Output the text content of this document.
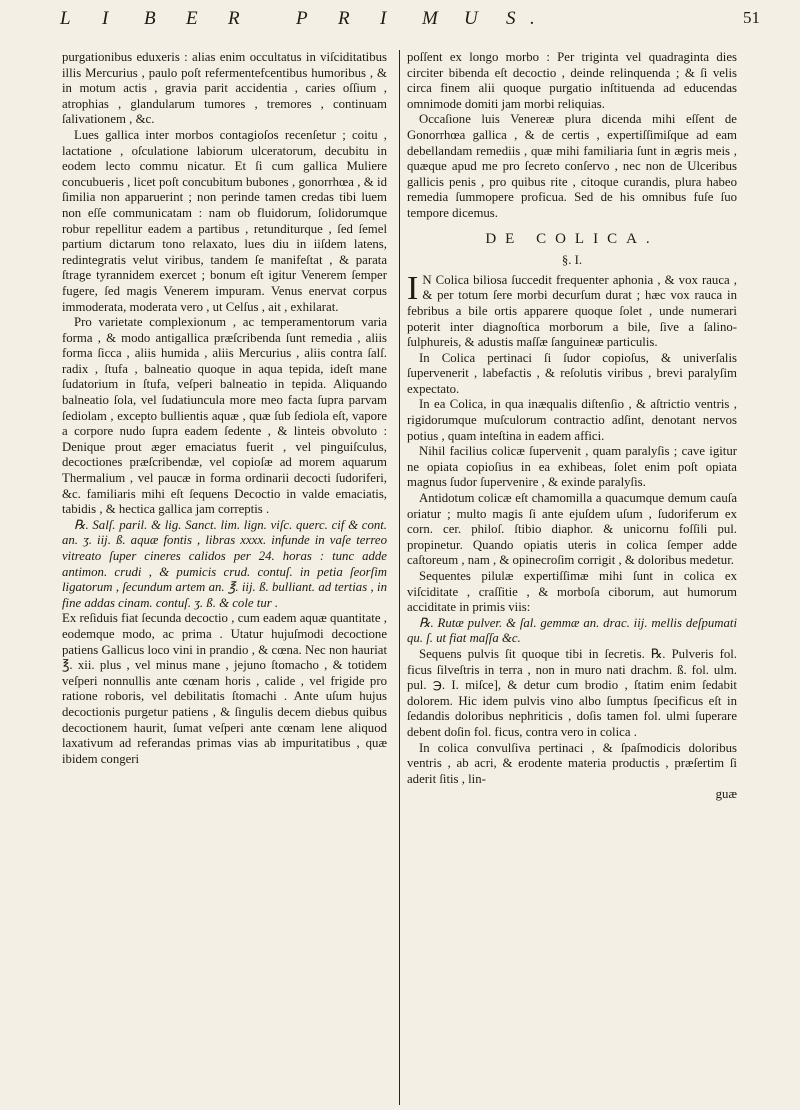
L I B E R	P R I M U S .	51

purgationibus eduxeris : alias enim occultatus in viſciditatibus illis Mercurius , paulo poſt refermentefcentibus humoribus , & in motum actis , gravia parit accidentia , caries oſſium , atrophias , glandularum tumores , tremores , continuam ſalivationem , &c.

Lues gallica inter morbos contagioſos recenſetur ; coitu , lactatione , oſculatione labiorum ulceratorum, decubitu in eodem lecto commu nicatur. Et ſi cum gallica Muliere concubueris , licet poſt concubitum bubones , gonorrhœa , & id ſimilia non apparuerint ; non perinde tamen credas tibi luem non eſſe communicatam : nam ob fluidorum, ſolidorumque robur repellitur eadem a partibus , retunditurque , ſed ſemel partium dictarum tono relaxato, lues diu in iiſdem latens, redintegratis velut viribus, tandem ſe manifeſtat , & parata ſtrage tyrannidem exercet ; bonum eſt igitur Venerem ſemper fugere, ſed magis Venerem impuram. Venus enervat corpus immoderata, moderata vero , ut Celſus , ait , exhilarat.

Pro varietate complexionum , ac temperamentorum varia forma , & modo antigallica præſcribenda ſunt remedia , aliis forma ſicca , aliis humida , aliis Mercurius , aliis contra ſalſ. radix , ſtufa , balneatio quoque in aqua tepida, ideſt mane ſudatorium in ſtufa, veſperi balneatio in tepida. Aliquando balneatio ſola, vel ſudatiuncula more meo facta ſupra parvam ſediolam , excepto bullientis aquæ , quæ ſub ſediola eſt, vapore a corpore nudo ſupra eadem ſedente , & linteis obvoluto : Denique prout æger emaciatus fuerit , vel pinguiſculus, decoctiones præſcribendæ, vel copioſæ ad morem aquarum Thermalium , vel paucæ in forma ordinarii decocti ſudoriferi, &c. familiaris mihi eſt ſequens Decoctio in valde emaciatis, tabidis , & hectica gallica jam correptis .

℞. Salſ. paril. & lig. Sanct. lim. lign. viſc. querc. cif & cont. an. ʒ. iij. ß. aquæ fontis , libras xxxx. infunde in vaſe terreo vitreato ſuper cineres calidos per 24. horas : tunc adde antimon. crudi , & pumicis crud. contuſ. in petia ſeorſim ligatorum , ſecundum artem an. ℥. iij. ß. bulliant. ad tertias , in fine addas cinam. contuſ. ʒ. ß. & cole tur .

Ex reſiduis fiat ſecunda decoctio , cum eadem aquæ quantitate , eodemque modo, ac prima . Utatur hujuſmodi decoctione patiens Gallicus loco vini in prandio , & cœna. Nec non hauriat ℥. xii. plus , vel minus mane , jejuno ſtomacho , & totidem veſperi nonnullis ante cœnam horis , calide , vel frigide pro ratione roboris, vel debilitatis ſtomachi . Ante uſum hujus decoctionis purgetur patiens , & ſingulis decem diebus quibus decoctionem haurit, ſumat veſperi ante cœnam lene aliquod laxativum ad referandas primas vias ab impuritatibus , quæ ibidem congeri

poſſent ex longo morbo : Per triginta vel quadraginta dies circiter bibenda eſt decoctio , deinde relinquenda ; & ſi velis circa finem alii quoque purgatio inſtituenda ad educendas omnimode domiti jam morbi reliquias.

Occaſione luis Venereæ plura dicenda mihi eſſent de Gonorrhœa gallica , & de certis , expertiſſimiſque ad eam debellandam remediis , quæ mihi familiaria ſunt in ægris meis , quæque apud me pro ſecreto conſervo , nec non de Ulceribus gallicis penis , pro quibus rite , citoque curandis, plura habeo remedia ſummopere proficua. Sed de his omnibus fuſe ſuo tempore dicemus.

DE COLICA.
§. I.

I N Colica biliosa ſuccedit frequenter aphonia , & vox rauca , & per totum ſere morbi decurſum durat ; hæc vox rauca in febribus a bile ortis apparere quoque ſolet , unde numerari poterit inter diagnoſtica morborum a bile, ſive a ſalino-ſulphureis, & adustis maſſæ ſanguineæ particulis.

In Colica pertinaci ſi ſudor copioſus, & univerſalis ſupervenerit , labefactis , & reſolutis viribus , brevi paralyſim expectato.

In ea Colica, in qua inæqualis diſtenſio , & aſtrictio ventris , rigidorumque muſculorum contractio adſint, denotant nervos potius , quam inteſtina in eadem affici.

Nihil facilius colicæ ſupervenit , quam paralyſis ; cave igitur ne opiata copioſius in ea exhibeas, ſolet enim poſt opiata magnus ſudor ſupervenire , & exinde paralyſis.

Antidotum colicæ eſt chamomilla a quacumque demum cauſa oriatur ; multo magis ſi ante ejuſdem uſum , ſudoriferum ex corn. cer. philoſ. ſtibio diaphor. & unicornu foſſili pul. propinetur. Quando opiatis uteris in colica ſemper adde caſtoreum , nam , & opinecroſim corrigit , & doloribus medetur.

Sequentes pilulæ expertiſſimæ mihi ſunt in colica ex viſciditate , craſſitie , & morboſa ciborum, aut humorum acciditate in primis viis:

℞. Rutæ pulver. & ſal. gemmæ an. drac. iij. mellis deſpumati qu. ſ. ut fiat maſſa &c.

Sequens pulvis ſit quoque tibi in ſecretis. ℞. Pulveris fol. ficus ſilveſtris in terra , non in muro nati drachm. ß. fol. ulm. pul. ℈. I. miſce], & detur cum brodio , ſtatim enim ſedabit dolorem. Hic idem pulvis vino albo ſumptus ſpecificus eſt in ſedandis doloribus nephriticis , doſis tamen fol. ulmi ſuperare debent doſin fol. ficus, contra vero in colica .

In colica convulſiva pertinaci , & ſpaſmodicis doloribus ventris , ab acri, & erodente materia productis , præſertim ſi aderit ſitis , lin-

guæ
